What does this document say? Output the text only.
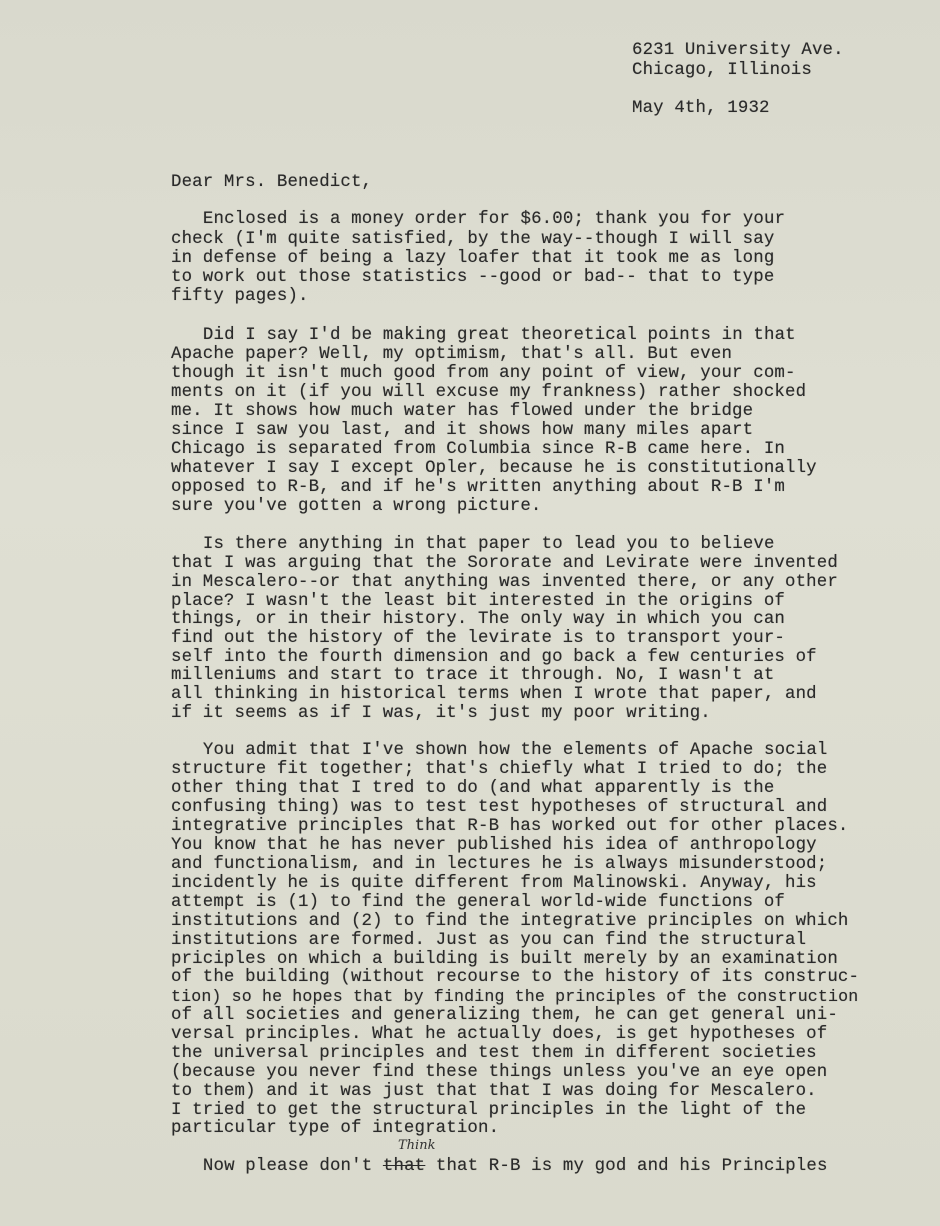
6231 University Ave.
Chicago, Illinois
May 4th, 1932
Dear Mrs. Benedict,
Enclosed is a money order for $6.00; thank you for your
check (I'm quite satisfied, by the way--though I will say
in defense of being a lazy loafer that it took me as long
to work out those statistics --good or bad-- that to type
fifty pages).
Did I say I'd be making great theoretical points in that
Apache paper? Well, my optimism, that's all. But even
though it isn't much good from any point of view, your com-
ments on it (if you will excuse my frankness) rather shocked
me. It shows how much water has flowed under the bridge
since I saw you last, and it shows how many miles apart
Chicago is separated from Columbia since R-B came here. In
whatever I say I except Opler, because he is constitutionally
opposed to R-B, and if he's written anything about R-B I'm
sure you've gotten a wrong picture.
Is there anything in that paper to lead you to believe
that I was arguing that the Sororate and Levirate were invented
in Mescalero--or that anything was invented there, or any other
place? I wasn't the least bit interested in the origins of
things, or in their history. The only way in which you can
find out the history of the levirate is to transport your-
self into the fourth dimension and go back a few centuries of
milleniums and start to trace it through. No, I wasn't at
all thinking in historical terms when I wrote that paper, and
if it seems as if I was, it's just my poor writing.
You admit that I've shown how the elements of Apache social
structure fit together; that's chiefly what I tried to do; the
other thing that I tred to do (and what apparently is the
confusing thing) was to test test hypotheses of structural and
integrative principles that R-B has worked out for other places.
You know that he has never published his idea of anthropology
and functionalism, and in lectures he is always misunderstood;
incidently he is quite different from Malinowski. Anyway, his
attempt is (1) to find the general world-wide functions of
institutions and (2) to find the integrative principles on which
institutions are formed. Just as you can find the structural
priciples on which a building is built merely by an examination
of the building (without recourse to the history of its construc-
tion) so he hopes that by finding the principles of the construction
of all societies and generalizing them, he can get general uni-
versal principles. What he actually does, is get hypotheses of
the universal principles and test them in different societies
(because you never find these things unless you've an eye open
to them) and it was just that that I was doing for Mescalero.
I tried to get the structural principles in the light of the
particular type of integration.
Think
Now please don't that that R-B is my god and his Principles
